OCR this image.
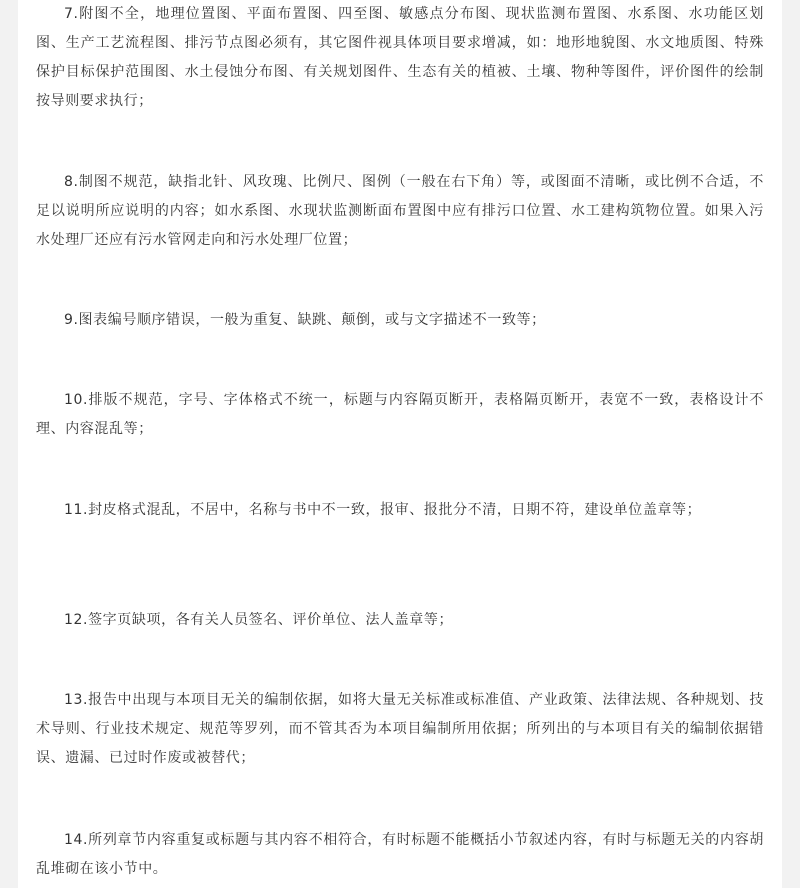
7.附图不全，地理位置图、平面布置图、四至图、敏感点分布图、现状监测布置图、水系图、水功能区划图、生产工艺流程图、排污节点图必须有，其它图件视具体项目要求增减，如：地形地貌图、水文地质图、特殊保护目标保护范围图、水土侵蚀分布图、有关规划图件、生态有关的植被、土壤、物种等图件，评价图件的绘制按导则要求执行；

8.制图不规范，缺指北针、风玫瑰、比例尺、图例（一般在右下角）等，或图面不清晰，或比例不合适，不足以说明所应说明的内容；如水系图、水现状监测断面布置图中应有排污口位置、水工建构筑物位置。如果入污水处理厂还应有污水管网走向和污水处理厂位置；

9.图表编号顺序错误，一般为重复、缺跳、颠倒，或与文字描述不一致等；

10.排版不规范，字号、字体格式不统一，标题与内容隔页断开，表格隔页断开，表宽不一致，表格设计不理、内容混乱等；

11.封皮格式混乱，不居中，名称与书中不一致，报审、报批分不清，日期不符，建设单位盖章等；

12.签字页缺项，各有关人员签名、评价单位、法人盖章等；

13.报告中出现与本项目无关的编制依据，如将大量无关标准或标准值、产业政策、法律法规、各种规划、技术导则、行业技术规定、规范等罗列，而不管其否为本项目编制所用依据；所列出的与本项目有关的编制依据错误、遗漏、已过时作废或被替代；

14.所列章节内容重复或标题与其内容不相符合，有时标题不能概括小节叙述内容，有时与标题无关的内容胡乱堆砌在该小节中。
